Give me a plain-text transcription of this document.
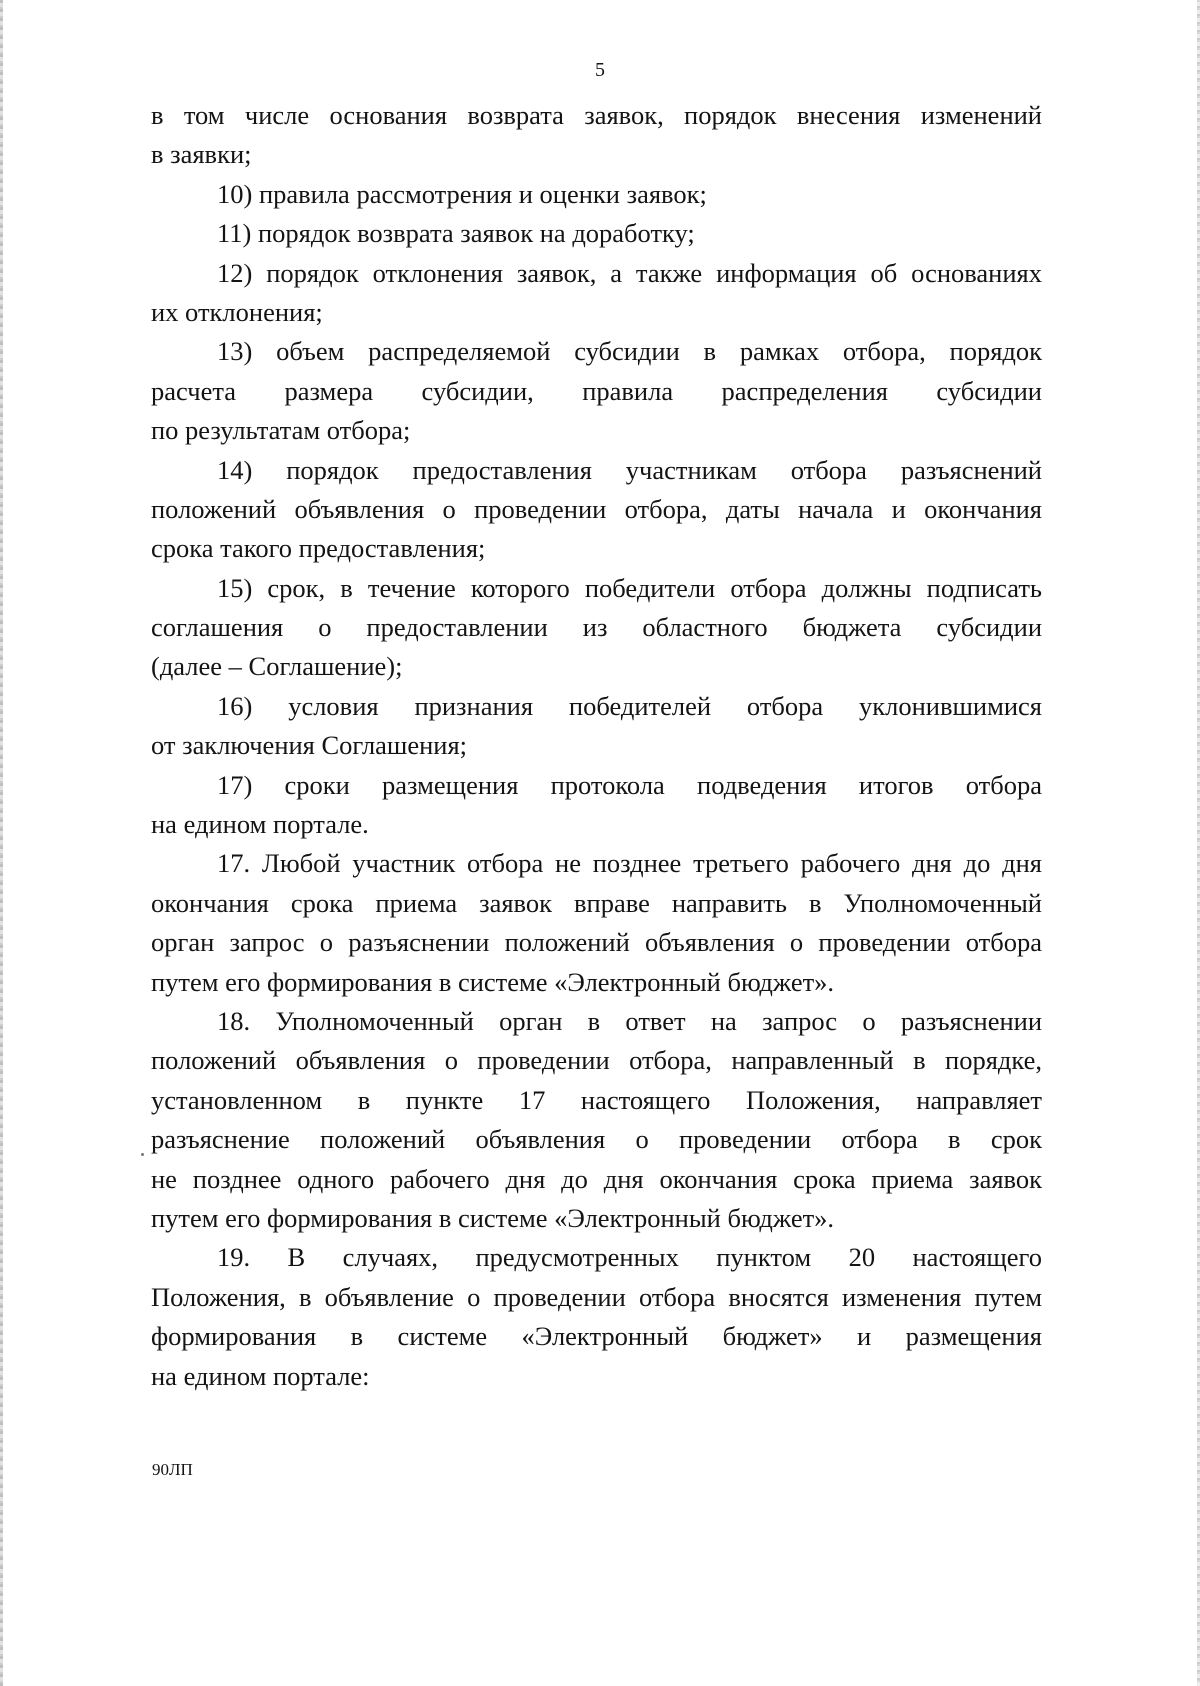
5
в том числе основания возврата заявок, порядок внесения изменений
в заявки;
10) правила рассмотрения и оценки заявок;
11) порядок возврата заявок на доработку;
12) порядок отклонения заявок, а также информация об основаниях
их отклонения;
13) объем распределяемой субсидии в рамках отбора, порядок
расчета размера субсидии, правила распределения субсидии
по результатам отбора;
14) порядок предоставления участникам отбора разъяснений
положений объявления о проведении отбора, даты начала и окончания
срока такого предоставления;
15) срок, в течение которого победители отбора должны подписать
соглашения о предоставлении из областного бюджета субсидии
(далее – Соглашение);
16) условия признания победителей отбора уклонившимися
от заключения Соглашения;
17) сроки размещения протокола подведения итогов отбора
на едином портале.
17. Любой участник отбора не позднее третьего рабочего дня до дня
окончания срока приема заявок вправе направить в Уполномоченный
орган запрос о разъяснении положений объявления о проведении отбора
путем его формирования в системе «Электронный бюджет».
18. Уполномоченный орган в ответ на запрос о разъяснении
положений объявления о проведении отбора, направленный в порядке,
установленном в пункте 17 настоящего Положения, направляет
разъяснение положений объявления о проведении отбора в срок
не позднее одного рабочего дня до дня окончания срока приема заявок
путем его формирования в системе «Электронный бюджет».
19. В случаях, предусмотренных пунктом 20 настоящего
Положения, в объявление о проведении отбора вносятся изменения путем
формирования в системе «Электронный бюджет» и размещения
на едином портале:
90ЛП
